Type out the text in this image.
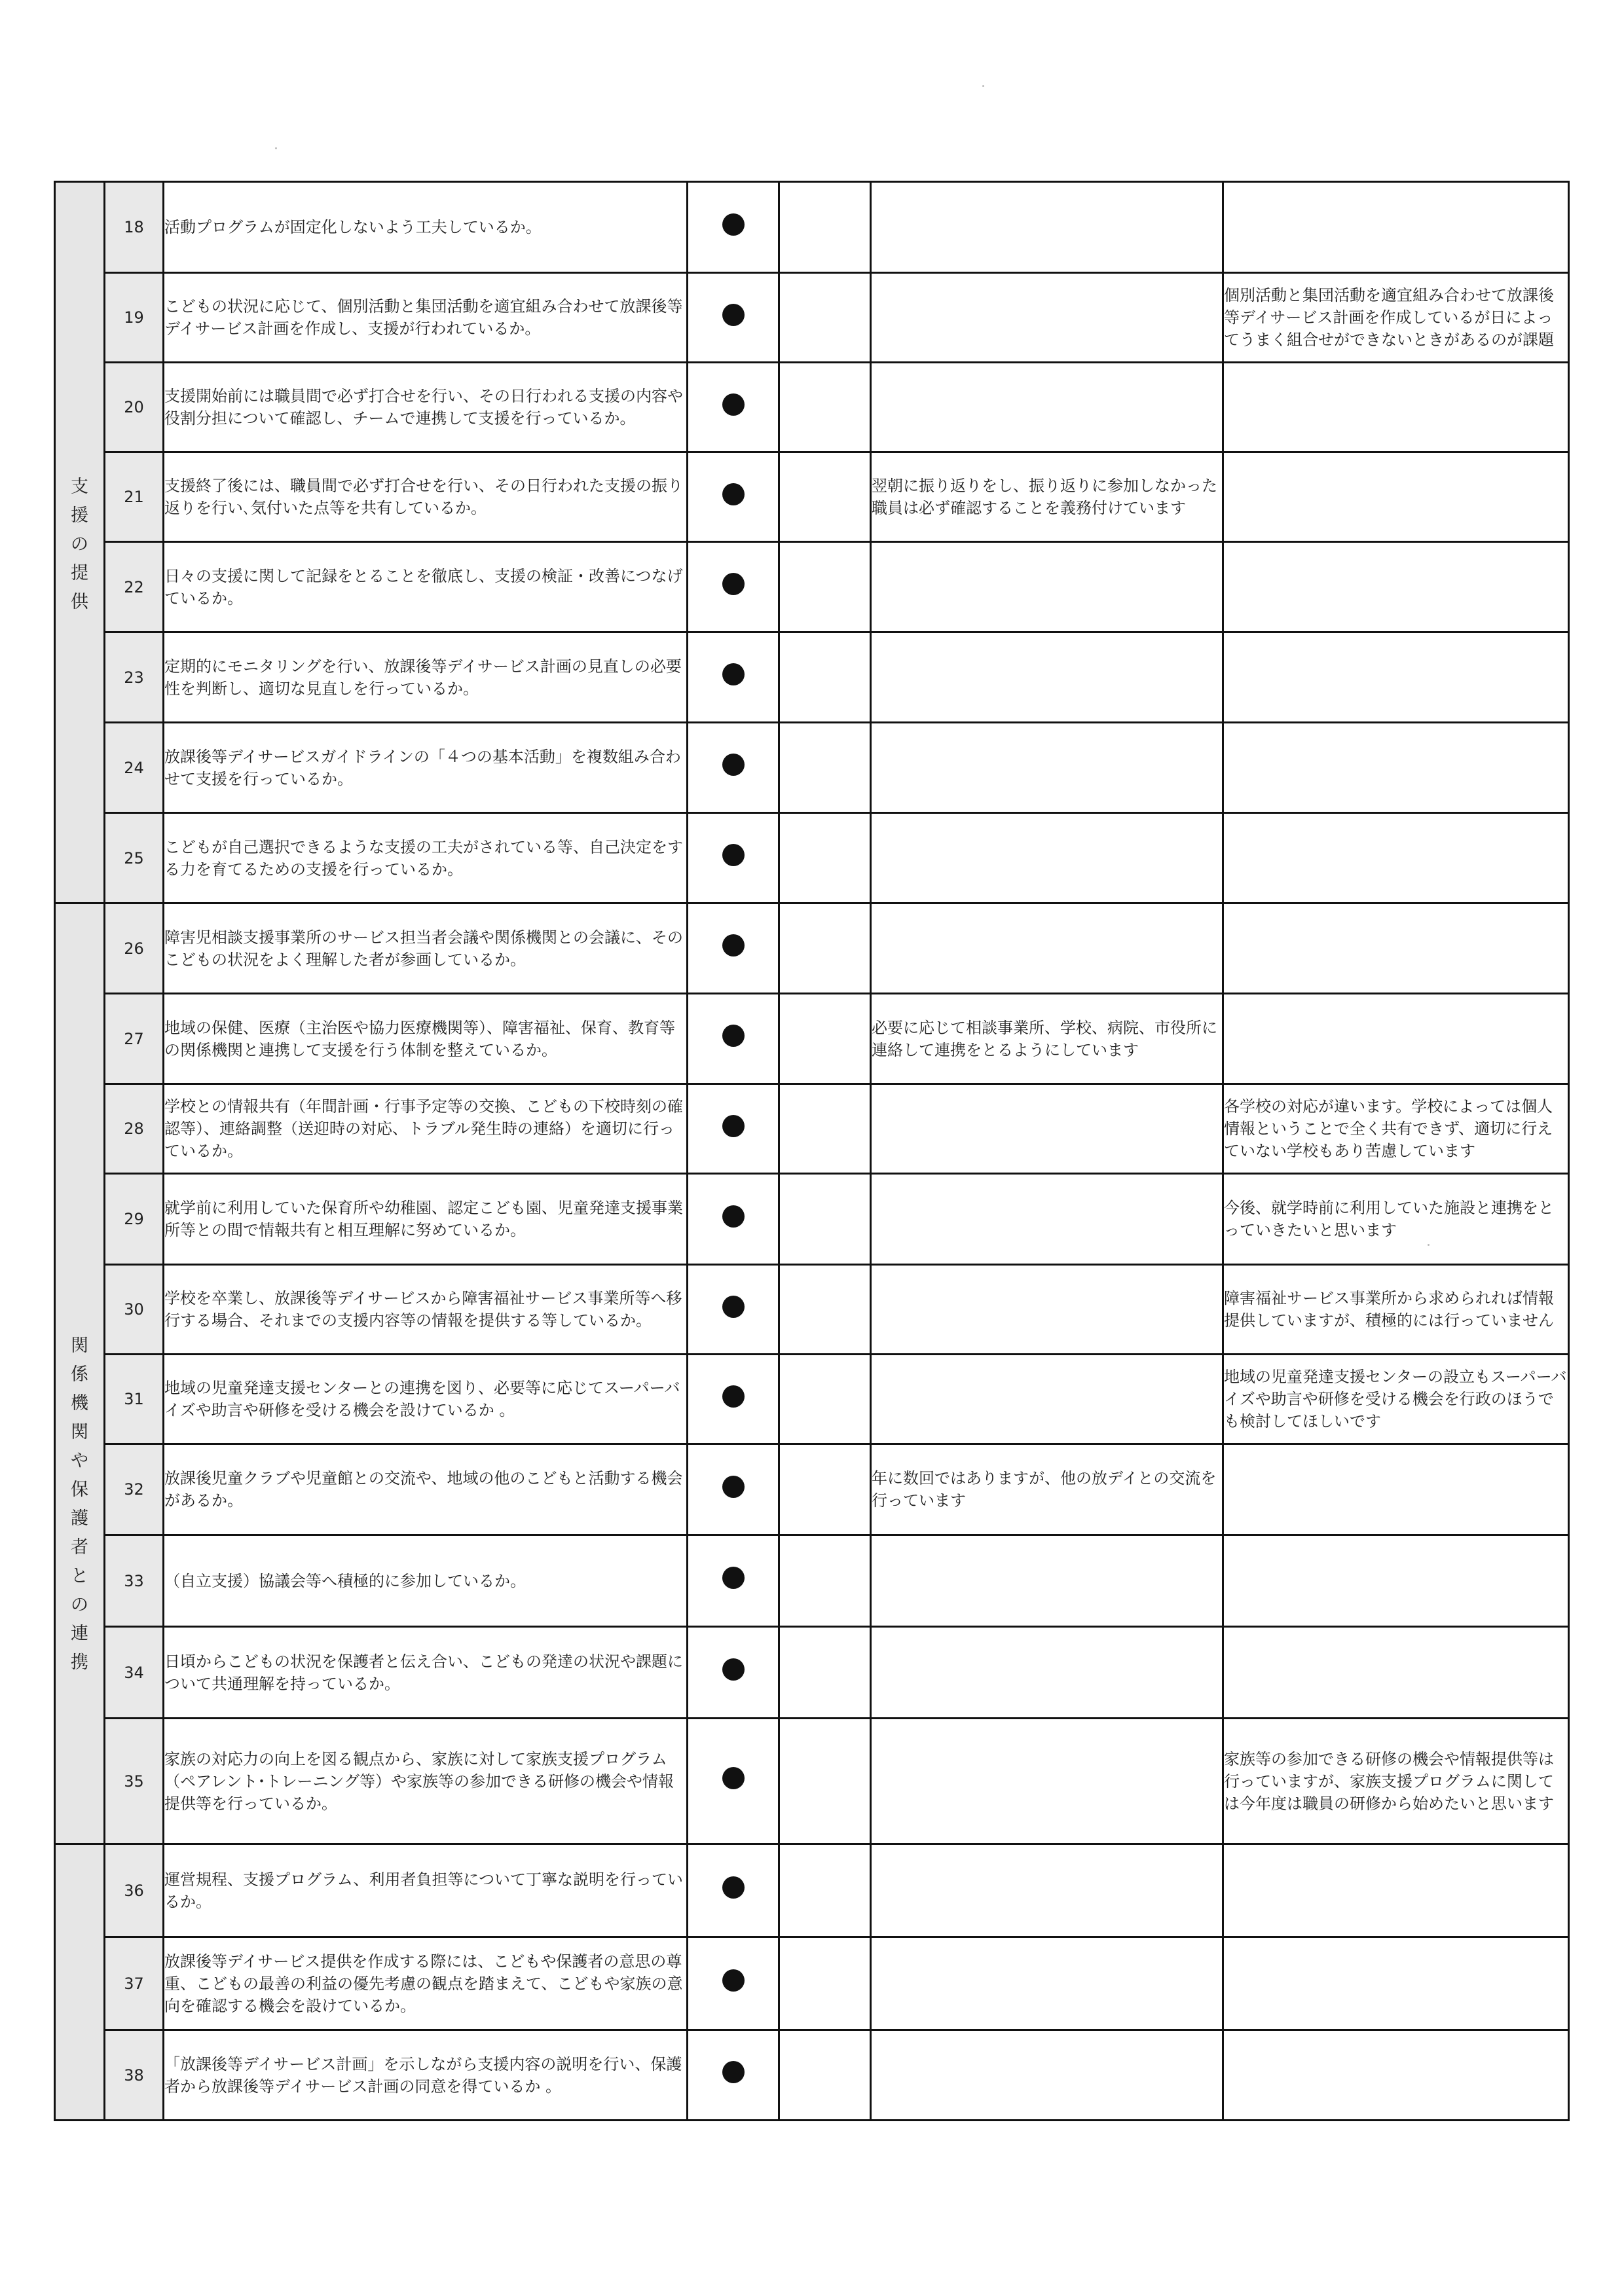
支援の提供	18	活動プログラムが固定化しないよう工夫しているか。				
	19	こどもの状況に応じて、個別活動と集団活動を適宜組み合わせて放課後等デイサービス計画を作成し、支援が行われているか。				個別活動と集団活動を適宜組み合わせて放課後等デイサービス計画を作成しているが日によってうまく組合せができないときがあるのが課題
	20	支援開始前には職員間で必ず打合せを行い、その日行われる支援の内容や役割分担について確認し、チームで連携して支援を行っているか。				
	21	支援終了後には、職員間で必ず打合せを行い、その日行われた支援の振り返りを行い､気付いた点等を共有しているか。			翌朝に振り返りをし、振り返りに参加しなかった職員は必ず確認することを義務付けています	
	22	日々の支援に関して記録をとることを徹底し、支援の検証・改善につなげているか。				
	23	定期的にモニタリングを行い、放課後等デイサービス計画の見直しの必要性を判断し、適切な見直しを行っているか。				
	24	放課後等デイサービスガイドラインの「４つの基本活動」を複数組み合わせて支援を行っているか。				
	25	こどもが自己選択できるような支援の工夫がされている等、自己決定をする力を育てるための支援を行っているか。				
関係機関や保護者との連携	26	障害児相談支援事業所のサービス担当者会議や関係機関との会議に、そのこどもの状況をよく理解した者が参画しているか。				
	27	地域の保健、医療（主治医や協力医療機関等）、障害福祉、保育、教育等の関係機関と連携して支援を行う体制を整えているか。			必要に応じて相談事業所、学校、病院、市役所に連絡して連携をとるようにしています	
	28	学校との情報共有（年間計画・行事予定等の交換、こどもの下校時刻の確認等）、連絡調整（送迎時の対応、トラブル発生時の連絡）を適切に行っているか。				各学校の対応が違います。学校によっては個人情報ということで全く共有できず、適切に行えていない学校もあり苦慮しています
	29	就学前に利用していた保育所や幼稚園、認定こども園、児童発達支援事業所等との間で情報共有と相互理解に努めているか。				今後、就学時前に利用していた施設と連携をとっていきたいと思います
	30	学校を卒業し、放課後等デイサービスから障害福祉サービス事業所等へ移行する場合、それまでの支援内容等の情報を提供する等しているか。				障害福祉サービス事業所から求められれば情報提供していますが、積極的には行っていません
	31	地域の児童発達支援センターとの連携を図り、必要等に応じてスーパーバイズや助言や研修を受ける機会を設けているか 。				地域の児童発達支援センターの設立もスーパーバイズや助言や研修を受ける機会を行政のほうでも検討してほしいです
	32	放課後児童クラブや児童館との交流や、地域の他のこどもと活動する機会があるか。			年に数回ではありますが、他の放デイとの交流を行っています	
	33	（自立支援）協議会等へ積極的に参加しているか。				
	34	日頃からこどもの状況を保護者と伝え合い、こどもの発達の状況や課題について共通理解を持っているか。				
	35	家族の対応力の向上を図る観点から、家族に対して家族支援プログラム（ペアレント･トレーニング等）や家族等の参加できる研修の機会や情報提供等を行っているか。				家族等の参加できる研修の機会や情報提供等は行っていますが、家族支援プログラムに関しては今年度は職員の研修から始めたいと思います
	36	運営規程、支援プログラム、利用者負担等について丁寧な説明を行っているか。				
	37	放課後等デイサービス提供を作成する際には、こどもや保護者の意思の尊重、こどもの最善の利益の優先考慮の観点を踏まえて、こどもや家族の意向を確認する機会を設けているか。				
	38	「放課後等デイサービス計画」を示しながら支援内容の説明を行い、保護者から放課後等デイサービス計画の同意を得ているか 。				
